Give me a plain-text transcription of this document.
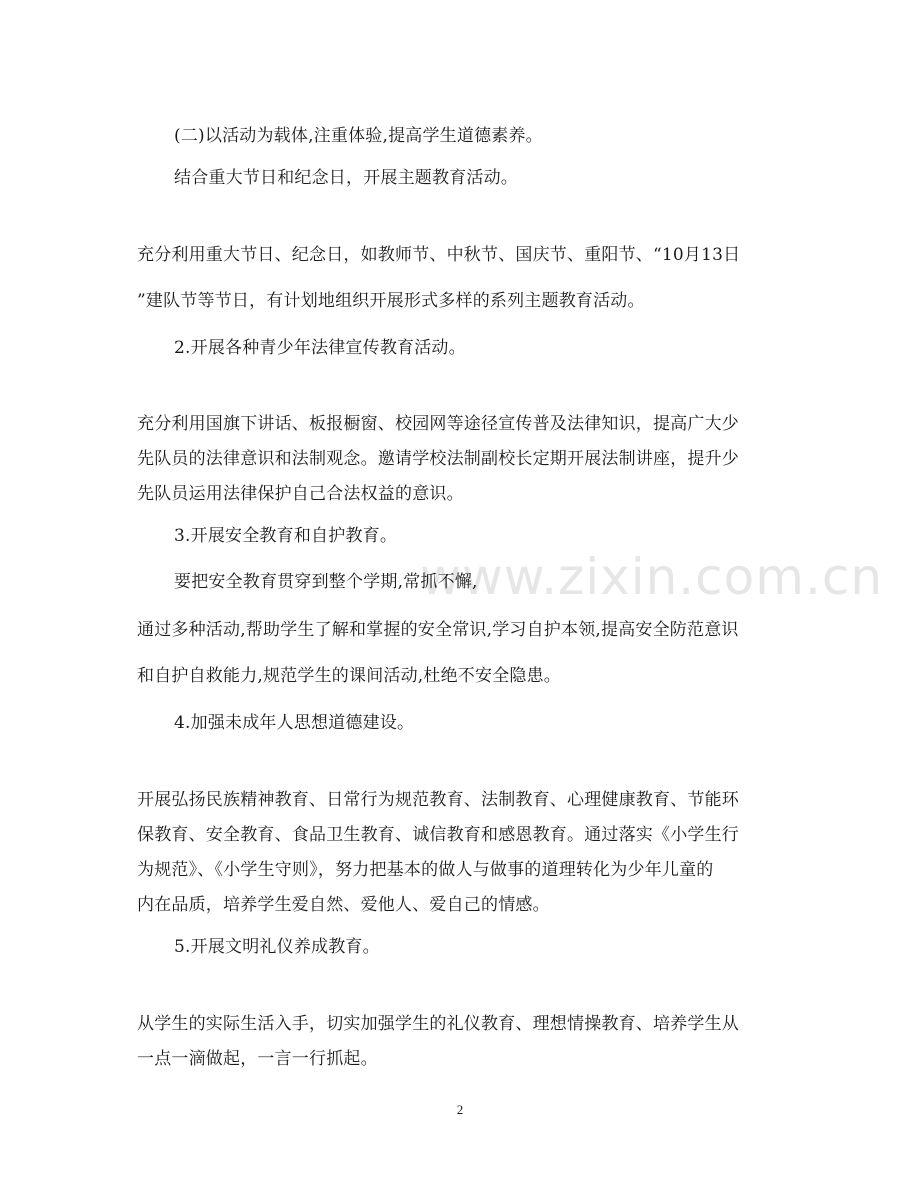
www.zixin.com.cn
(二)以活动为载体,注重体验,提高学生道德素养。
结合重大节日和纪念日，开展主题教育活动。
充分利用重大节日、纪念日，如教师节、中秋节、国庆节、重阳节、“10月13日
”建队节等节日，有计划地组织开展形式多样的系列主题教育活动。
2.开展各种青少年法律宣传教育活动。
充分利用国旗下讲话、板报橱窗、校园网等途径宣传普及法律知识，提高广大少
先队员的法律意识和法制观念。邀请学校法制副校长定期开展法制讲座，提升少
先队员运用法律保护自己合法权益的意识。
3.开展安全教育和自护教育。
要把安全教育贯穿到整个学期,常抓不懈,
通过多种活动,帮助学生了解和掌握的安全常识,学习自护本领,提高安全防范意识
和自护自救能力,规范学生的课间活动,杜绝不安全隐患。
4.加强未成年人思想道德建设。
开展弘扬民族精神教育、日常行为规范教育、法制教育、心理健康教育、节能环
保教育、安全教育、食品卫生教育、诚信教育和感恩教育。通过落实《小学生行
为规范》、《小学生守则》，努力把基本的做人与做事的道理转化为少年儿童的
内在品质，培养学生爱自然、爱他人、爱自己的情感。
5.开展文明礼仪养成教育。
从学生的实际生活入手，切实加强学生的礼仪教育、理想情操教育、培养学生从
一点一滴做起，一言一行抓起。
2
